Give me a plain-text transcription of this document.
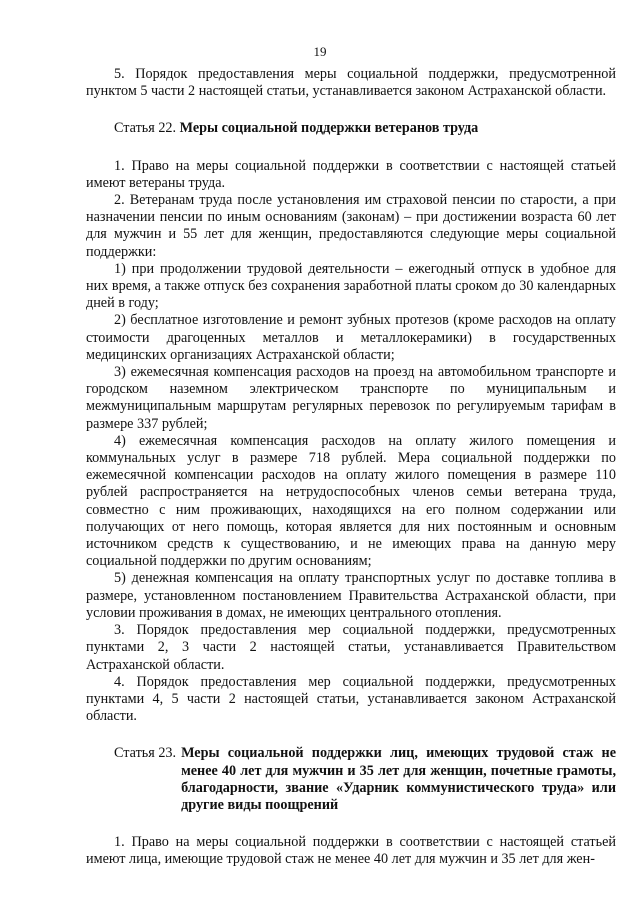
19

5. Порядок предоставления меры социальной поддержки, предусмотренной пунктом 5 части 2 настоящей статьи, устанавливается законом Астраханской области.

Статья 22. Меры социальной поддержки ветеранов труда

1. Право на меры социальной поддержки в соответствии с настоящей статьей имеют ветераны труда.

2. Ветеранам труда после установления им страховой пенсии по старости, а при назначении пенсии по иным основаниям (законам) – при достижении возраста 60 лет для мужчин и 55 лет для женщин, предоставляются следующие меры социальной поддержки:

1) при продолжении трудовой деятельности – ежегодный отпуск в удобное для них время, а также отпуск без сохранения заработной платы сроком до 30 календарных дней в году;

2) бесплатное изготовление и ремонт зубных протезов (кроме расходов на оплату стоимости драгоценных металлов и металлокерамики) в государственных медицинских организациях Астраханской области;

3) ежемесячная компенсация расходов на проезд на автомобильном транспорте и городском наземном электрическом транспорте по муниципальным и межмуниципальным маршрутам регулярных перевозок по регулируемым тарифам в размере 337 рублей;

4) ежемесячная компенсация расходов на оплату жилого помещения и коммунальных услуг в размере 718 рублей. Мера социальной поддержки по ежемесячной компенсации расходов на оплату жилого помещения в размере 110 рублей распространяется на нетрудоспособных членов семьи ветерана труда, совместно с ним проживающих, находящихся на его полном содержании или получающих от него помощь, которая является для них постоянным и основным источником средств к существованию, и не имеющих права на данную меру социальной поддержки по другим основаниям;

5) денежная компенсация на оплату транспортных услуг по доставке топлива в размере, установленном постановлением Правительства Астраханской области, при условии проживания в домах, не имеющих центрального отопления.

3. Порядок предоставления мер социальной поддержки, предусмотренных пунктами 2, 3 части 2 настоящей статьи, устанавливается Правительством Астраханской области.

4. Порядок предоставления мер социальной поддержки, предусмотренных пунктами 4, 5 части 2 настоящей статьи, устанавливается законом Астраханской области.

Статья 23. Меры социальной поддержки лиц, имеющих трудовой стаж не менее 40 лет для мужчин и 35 лет для женщин, почетные грамоты, благодарности, звание «Ударник коммунистического труда» или другие виды поощрений

1. Право на меры социальной поддержки в соответствии с настоящей статьей имеют лица, имеющие трудовой стаж не менее 40 лет для мужчин и 35 лет для жен-
